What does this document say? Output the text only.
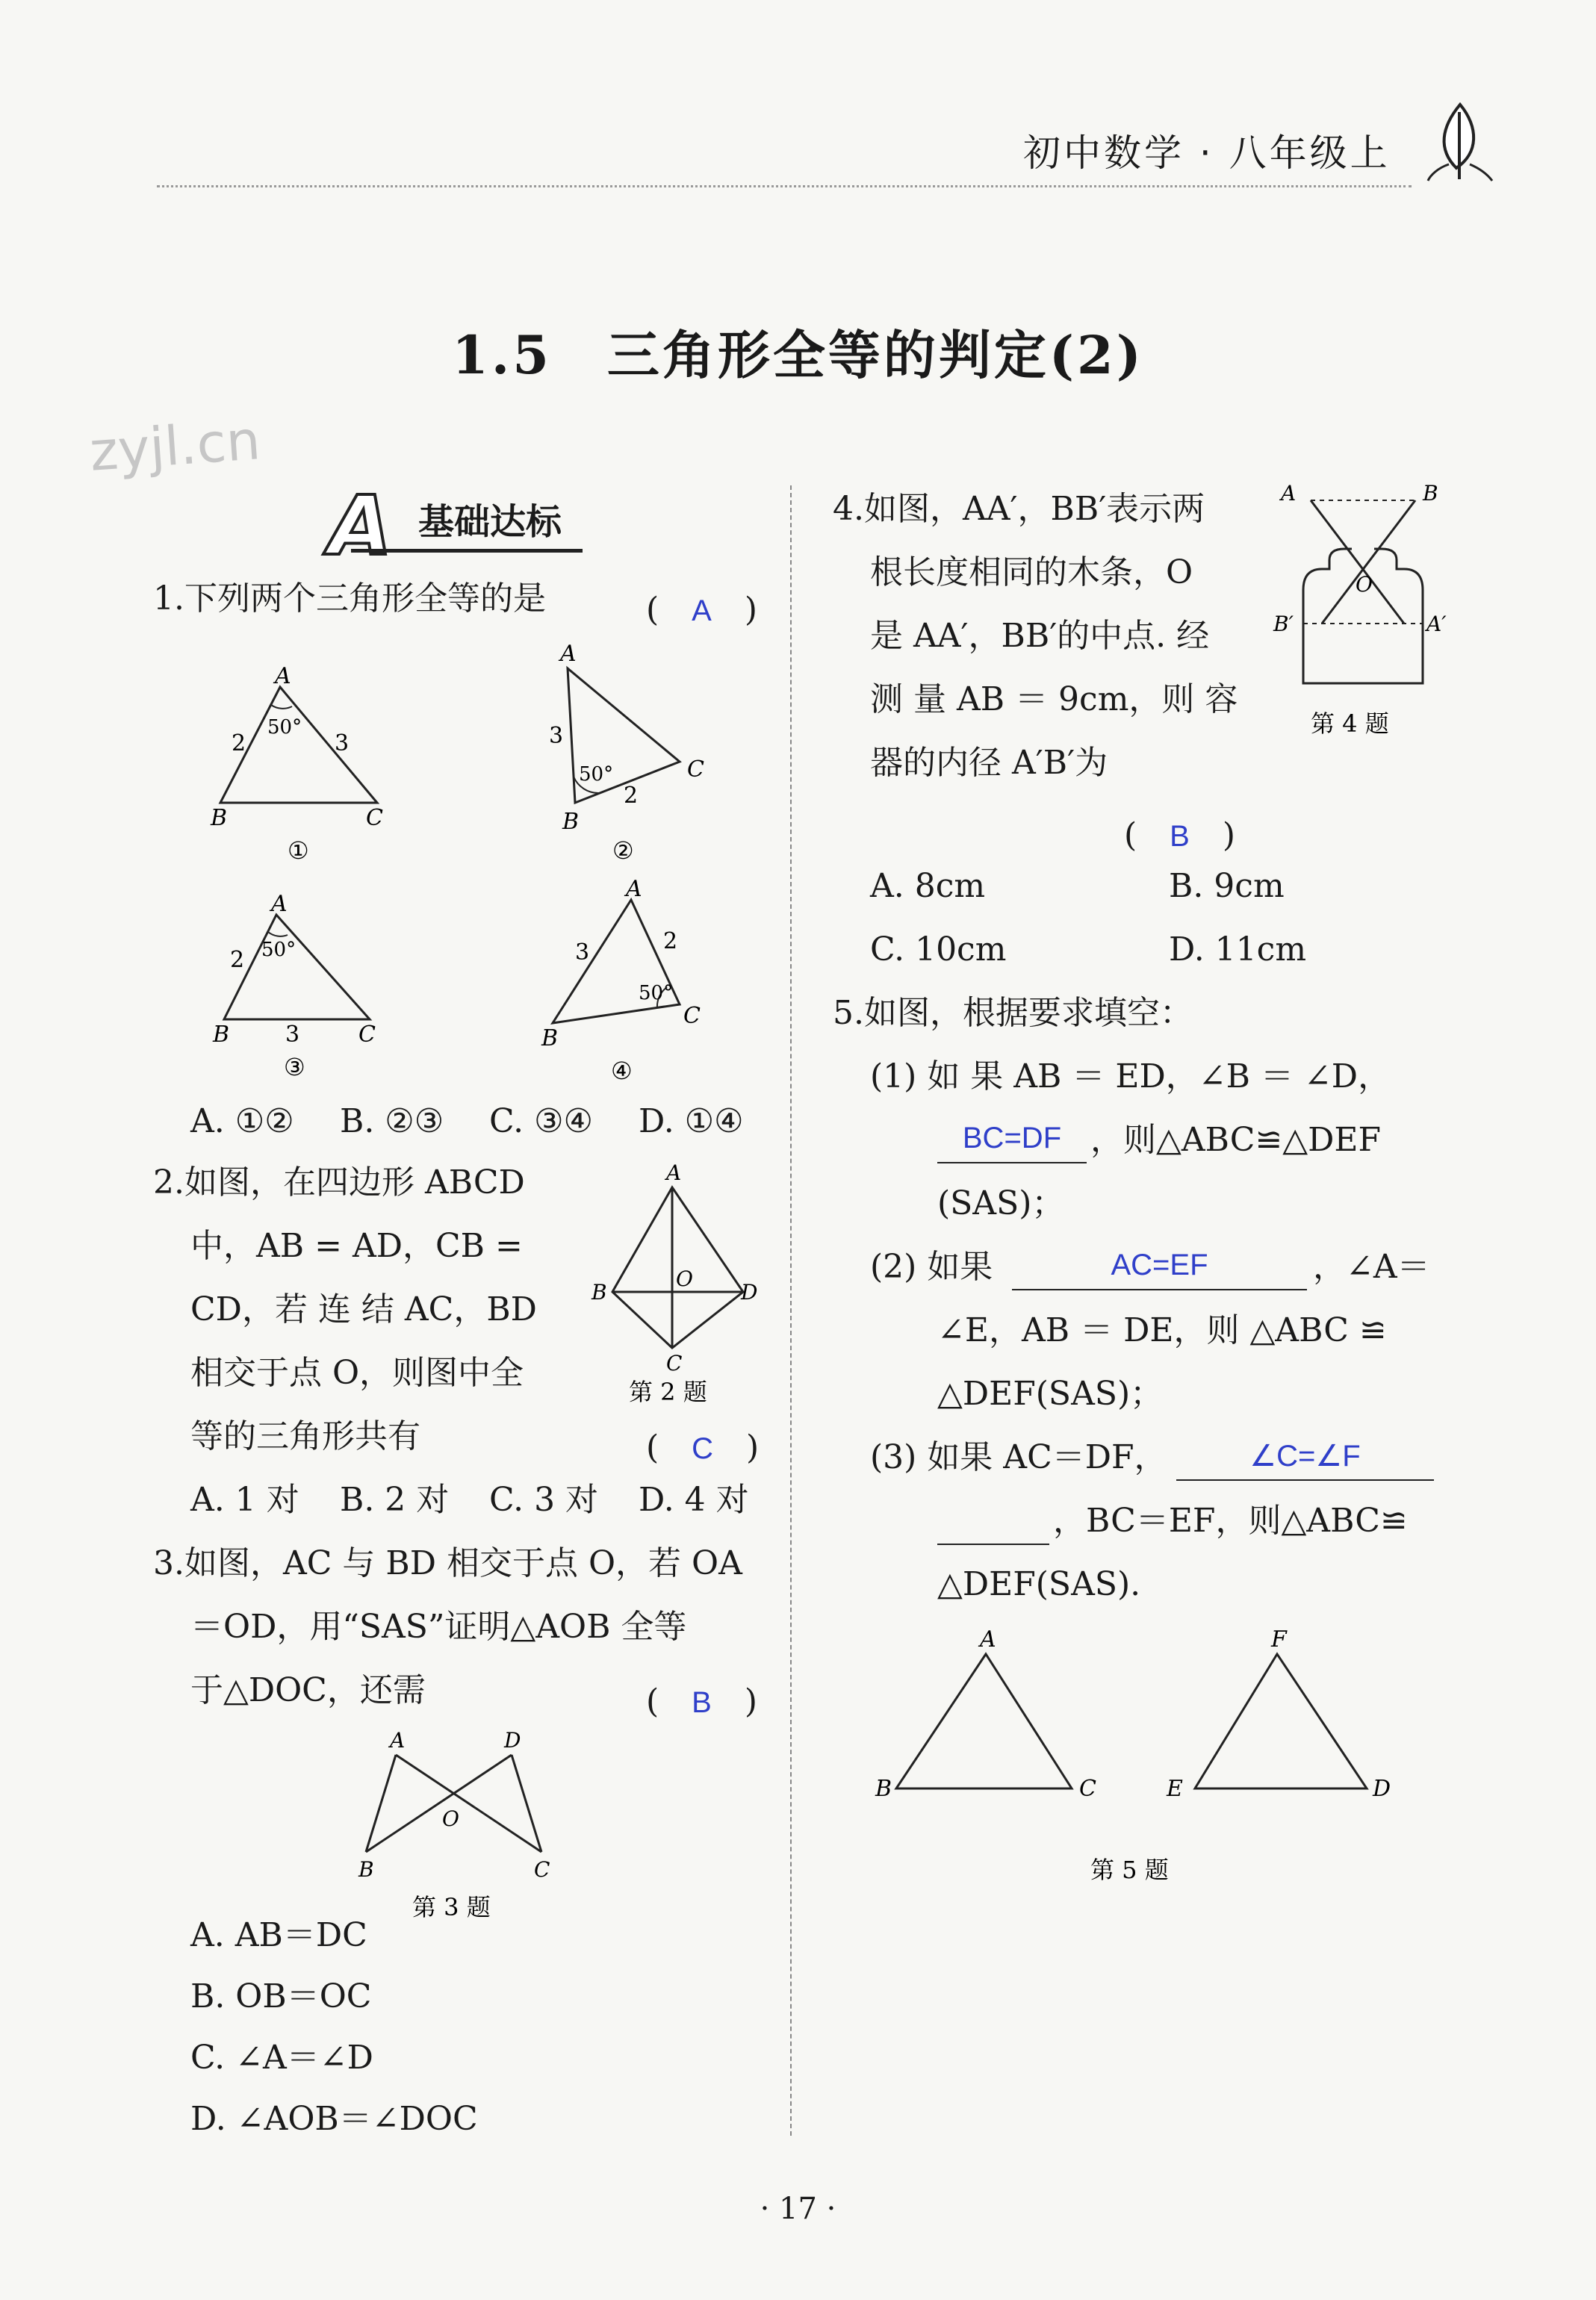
初中数学 · 八年级上
1.5　三角形全等的判定(2)
zyjl.cn
A 基础达标
1.下列两个三角形全等的是	(　A　)
A
B	C
2	3
50°
①
A
B
C
3
2
50°
②
A
B	C
2
3
50°
③
A
B
C
3	2
50°
④
A. ①② B. ②③ C. ③④ D. ①④
2.如图，在四边形 ABCD
中，AB = AD，CB =
CD，若 连 结 AC，BD
相交于点 O，则图中全
等的三角形共有	(　C　)
A
B
C
D
O
第 2 题
A. 1 对 B. 2 对 C. 3 对 D. 4 对
3.如图，AC 与 BD 相交于点 O，若 OA
＝OD，用“SAS”证明△AOB 全等
于△DOC，还需	(　B　)
A	D
B	C
O
第 3 题
A. AB＝DC
B. OB＝OC
C. ∠A＝∠D
D. ∠AOB＝∠DOC
4.如图，AA′，BB′表示两
根长度相同的木条，O
是 AA′，BB′的中点. 经
测 量 AB ＝ 9cm，则 容
器的内径 A′B′为
(　B　)
A	B
B′	A′
O
第 4 题
A. 8cm	B. 9cm
C. 10cm	D. 11cm
5.如图，根据要求填空：
(1) 如 果 AB ＝ ED，∠B ＝ ∠D，
BC=DF ，则△ABC≌△DEF
(SAS)；
(2) 如果	AC=EF	，∠A＝
∠E，AB ＝ DE，则 △ABC ≌
△DEF(SAS)；
(3) 如果 AC＝DF，	∠C=∠F
，BC＝EF，则△ABC≌
△DEF(SAS).
A
B	C
F
E	D
第 5 题
· 17 ·
